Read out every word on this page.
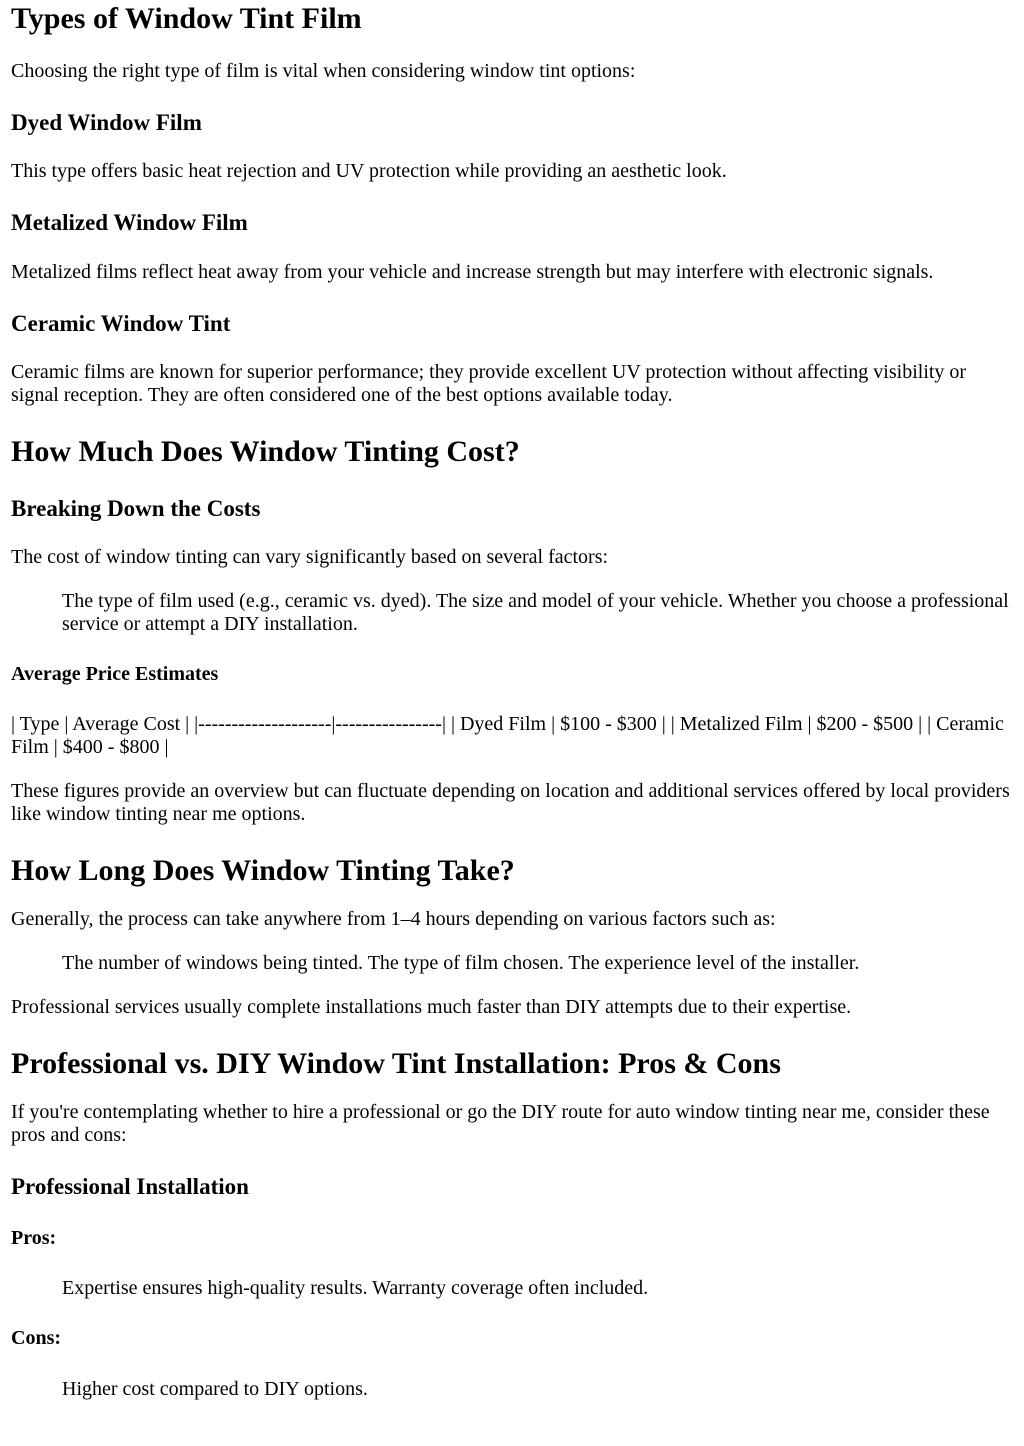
Types of Window Tint Film

Choosing the right type of film is vital when considering window tint options:

Dyed Window Film

This type offers basic heat rejection and UV protection while providing an aesthetic look.

Metalized Window Film

Metalized films reflect heat away from your vehicle and increase strength but may interfere with electronic signals.

Ceramic Window Tint

Ceramic films are known for superior performance; they provide excellent UV protection without affecting visibility or signal reception. They are often considered one of the best options available today.

How Much Does Window Tinting Cost?
Breaking Down the Costs

The cost of window tinting can vary significantly based on several factors:

The type of film used (e.g., ceramic vs. dyed). The size and model of your vehicle. Whether you choose a professional service or attempt a DIY installation.
Average Price Estimates

| Type | Average Cost | |--------------------|----------------| | Dyed Film | $100 - $300 | | Metalized Film | $200 - $500 | | Ceramic Film | $400 - $800 |

These figures provide an overview but can fluctuate depending on location and additional services offered by local providers like window tinting near me options.

How Long Does Window Tinting Take?

Generally, the process can take anywhere from 1–4 hours depending on various factors such as:

The number of windows being tinted. The type of film chosen. The experience level of the installer.

Professional services usually complete installations much faster than DIY attempts due to their expertise.

Professional vs. DIY Window Tint Installation: Pros & Cons

If you're contemplating whether to hire a professional or go the DIY route for auto window tinting near me, consider these pros and cons:

Professional Installation
Pros:
Expertise ensures high-quality results. Warranty coverage often included.
Cons:
Higher cost compared to DIY options.
